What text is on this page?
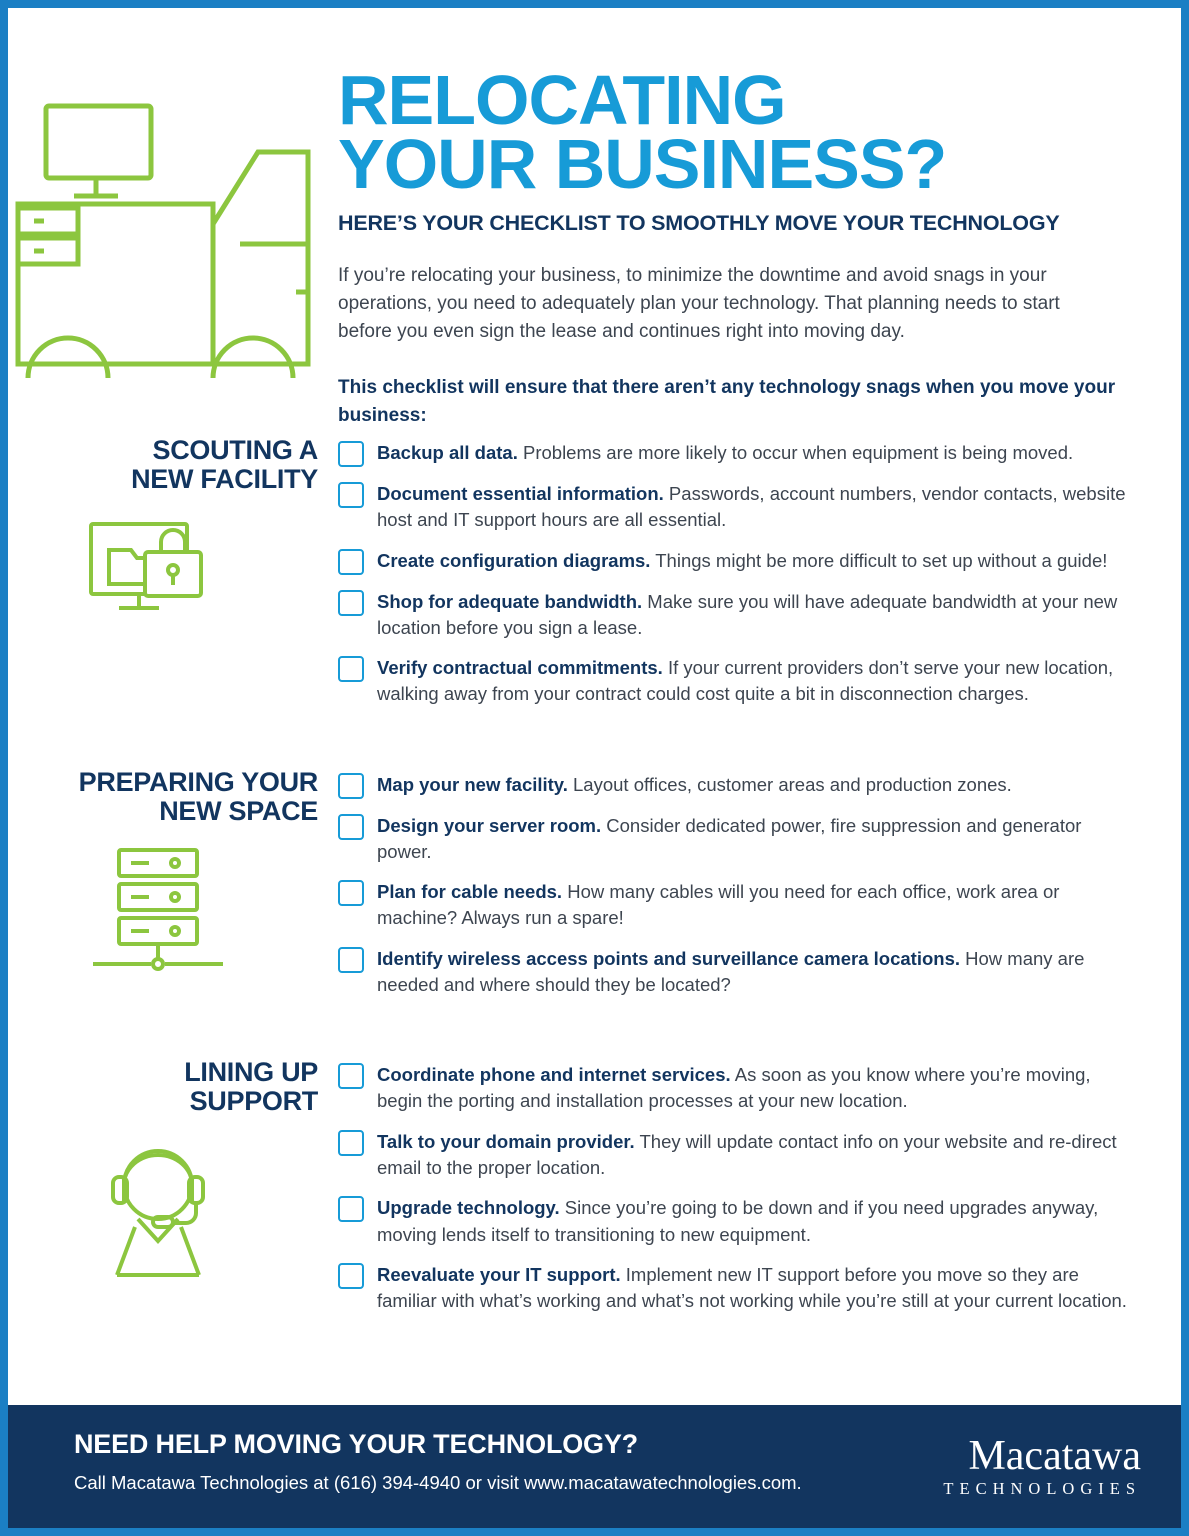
RELOCATING
YOUR BUSINESS?
HERE’S YOUR CHECKLIST TO SMOOTHLY MOVE YOUR TECHNOLOGY

If you’re relocating your business, to minimize the downtime and avoid snags in your operations, you need to adequately plan your technology. That planning needs to start before you even sign the lease and continues right into moving day.

This checklist will ensure that there aren’t any technology snags when you move your business:

SCOUTING A
NEW FACILITY
Backup all data. Problems are more likely to occur when equipment is being moved.
Document essential information. Passwords, account numbers, vendor contacts, website host and IT support hours are all essential.
Create configuration diagrams. Things might be more difficult to set up without a guide!
Shop for adequate bandwidth. Make sure you will have adequate bandwidth at your new location before you sign a lease.
Verify contractual commitments. If your current providers don’t serve your new location, walking away from your contract could cost quite a bit in disconnection charges.
PREPARING YOUR
NEW SPACE
Map your new facility. Layout offices, customer areas and production zones.
Design your server room. Consider dedicated power, fire suppression and generator power.
Plan for cable needs. How many cables will you need for each office, work area or machine? Always run a spare!
Identify wireless access points and surveillance camera locations. How many are needed and where should they be located?
LINING UP
SUPPORT
Coordinate phone and internet services. As soon as you know where you’re moving, begin the porting and installation processes at your new location.
Talk to your domain provider. They will update contact info on your website and re-direct email to the proper location.
Upgrade technology. Since you’re going to be down and if you need upgrades anyway, moving lends itself to transitioning to new equipment.
Reevaluate your IT support. Implement new IT support before you move so they are familiar with what’s working and what’s not working while you’re still at your current location.
NEED HELP MOVING YOUR TECHNOLOGY?
Call Macatawa Technologies at (616) 394-4940 or visit www.macatawatechnologies.com.
Macatawa
TECHNOLOGIES
